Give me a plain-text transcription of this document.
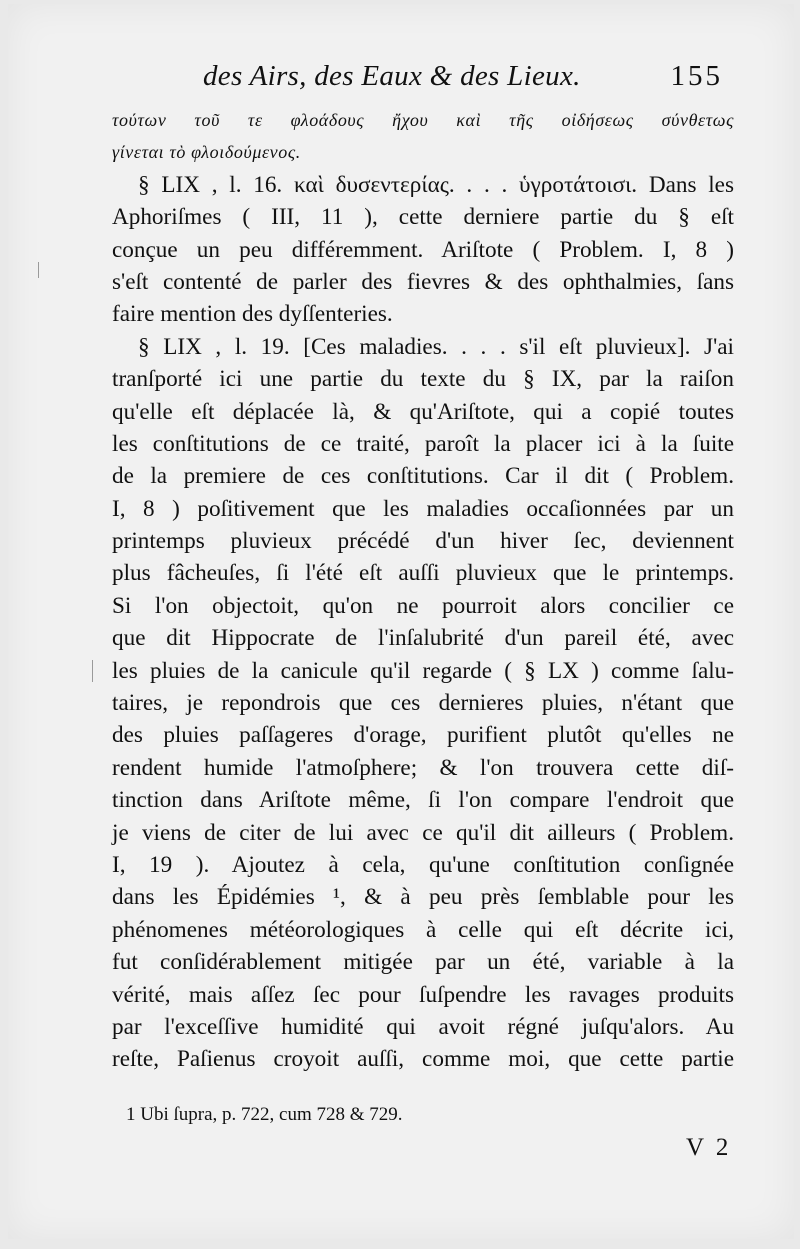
des Airs, des Eaux & des Lieux.	155
τούτων τοῦ τε φλοάδους ἤχου καὶ τῆς οἰδήσεως σύνθετως
γίνεται τὸ φλοιδούμενος.
§ LIX , l. 16. καὶ δυσεντερίας. . . . ὑγροτάτοισι. Dans les
Aphoriſmes ( III, 11 ), cette derniere partie du § eſt
conçue un peu différemment. Ariſtote ( Problem. I, 8 )
s'eſt contenté de parler des fievres & des ophthalmies, ſans
faire mention des dyſſenteries.
§ LIX , l. 19. [Ces maladies. . . . s'il eſt pluvieux]. J'ai
tranſporté ici une partie du texte du § IX, par la raiſon
qu'elle eſt déplacée là, & qu'Ariſtote, qui a copié toutes
les conſtitutions de ce traité, paroît la placer ici à la ſuite
de la premiere de ces conſtitutions. Car il dit ( Problem.
I, 8 ) poſitivement que les maladies occaſionnées par un
printemps pluvieux précédé d'un hiver ſec, deviennent
plus fâcheuſes, ſi l'été eſt auſſi pluvieux que le printemps.
Si l'on objectoit, qu'on ne pourroit alors concilier ce
que dit Hippocrate de l'inſalubrité d'un pareil été, avec
les pluies de la canicule qu'il regarde ( § LX ) comme ſalu-
taires, je repondrois que ces dernieres pluies, n'étant que
des pluies paſſageres d'orage, purifient plutôt qu'elles ne
rendent humide l'atmoſphere; & l'on trouvera cette diſ-
tinction dans Ariſtote même, ſi l'on compare l'endroit que
je viens de citer de lui avec ce qu'il dit ailleurs ( Problem.
I, 19 ). Ajoutez à cela, qu'une conſtitution conſignée
dans les Épidémies ¹, & à peu près ſemblable pour les
phénomenes météorologiques à celle qui eſt décrite ici,
fut conſidérablement mitigée par un été, variable à la
vérité, mais aſſez ſec pour ſuſpendre les ravages produits
par l'exceſſive humidité qui avoit régné juſqu'alors. Au
reſte, Paſienus croyoit auſſi, comme moi, que cette partie
1 Ubi ſupra, p. 722, cum 728 & 729.
V 2
